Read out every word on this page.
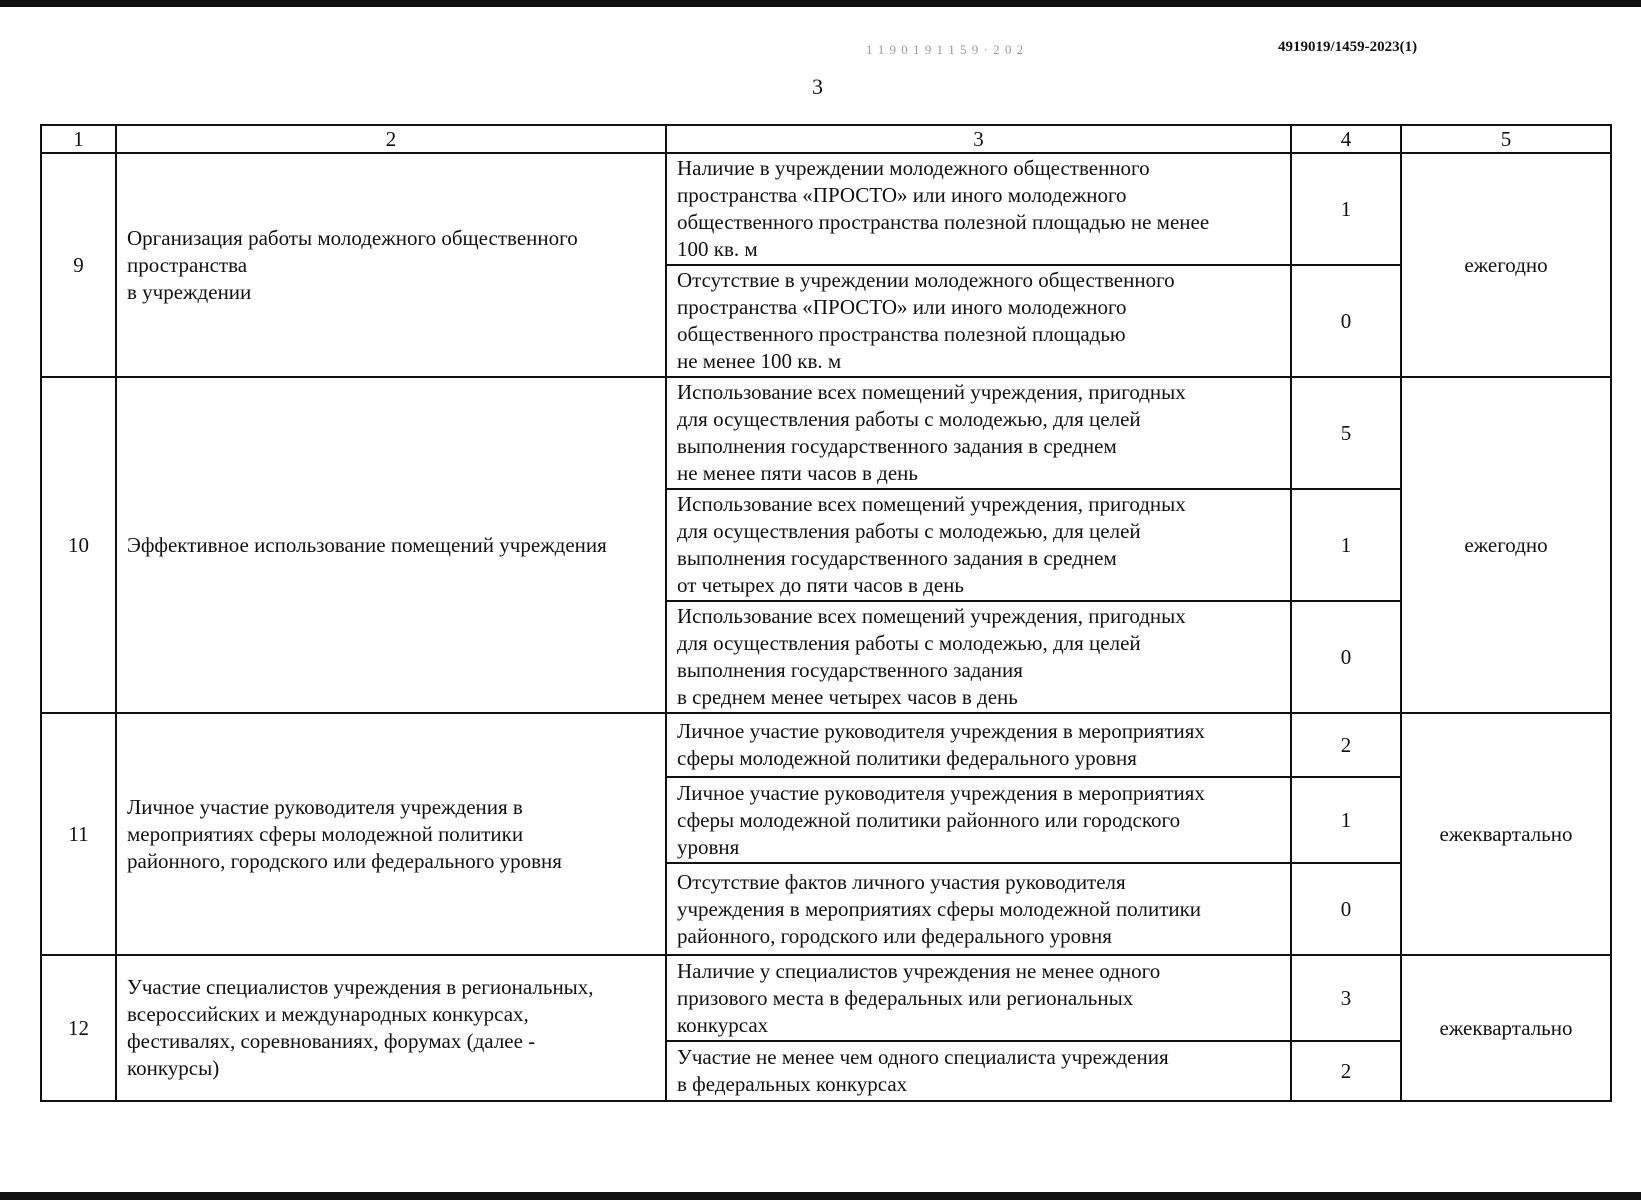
1 1 9 0 1 9 1 1 5 9 · 2 0 2	4919019/1459-2023(1)
3
1	2	3	4	5
9	Организация работы молодежного общественного
пространства
в учреждении	Наличие в учреждении молодежного общественного
пространства «ПРОСТО» или иного молодежного
общественного пространства полезной площадью не менее
100 кв. м	1	ежегодно
		Отсутствие в учреждении молодежного общественного
пространства «ПРОСТО» или иного молодежного
общественного пространства полезной площадью
не менее 100 кв. м	0	
10	Эффективное использование помещений учреждения	Использование всех помещений учреждения, пригодных
для осуществления работы с молодежью, для целей
выполнения государственного задания в среднем
не менее пяти часов в день	5	ежегодно
		Использование всех помещений учреждения, пригодных
для осуществления работы с молодежью, для целей
выполнения государственного задания в среднем
от четырех до пяти часов в день	1	
		Использование всех помещений учреждения, пригодных
для осуществления работы с молодежью, для целей
выполнения государственного задания
в среднем менее четырех часов в день	0	
11	Личное участие руководителя учреждения в
мероприятиях сферы молодежной политики
районного, городского или федерального уровня	Личное участие руководителя учреждения в мероприятиях
сферы молодежной политики федерального уровня	2	ежеквартально
		Личное участие руководителя учреждения в мероприятиях
сферы молодежной политики районного или городского
уровня	1	
		Отсутствие фактов личного участия руководителя
учреждения в мероприятиях сферы молодежной политики
районного, городского или федерального уровня	0	
12	Участие специалистов учреждения в региональных,
всероссийских и международных конкурсах,
фестивалях, соревнованиях, форумах (далее -
конкурсы)	Наличие у специалистов учреждения не менее одного
призового места в федеральных или региональных
конкурсах	3	ежеквартально
		Участие не менее чем одного специалиста учреждения
в федеральных конкурсах	2	
